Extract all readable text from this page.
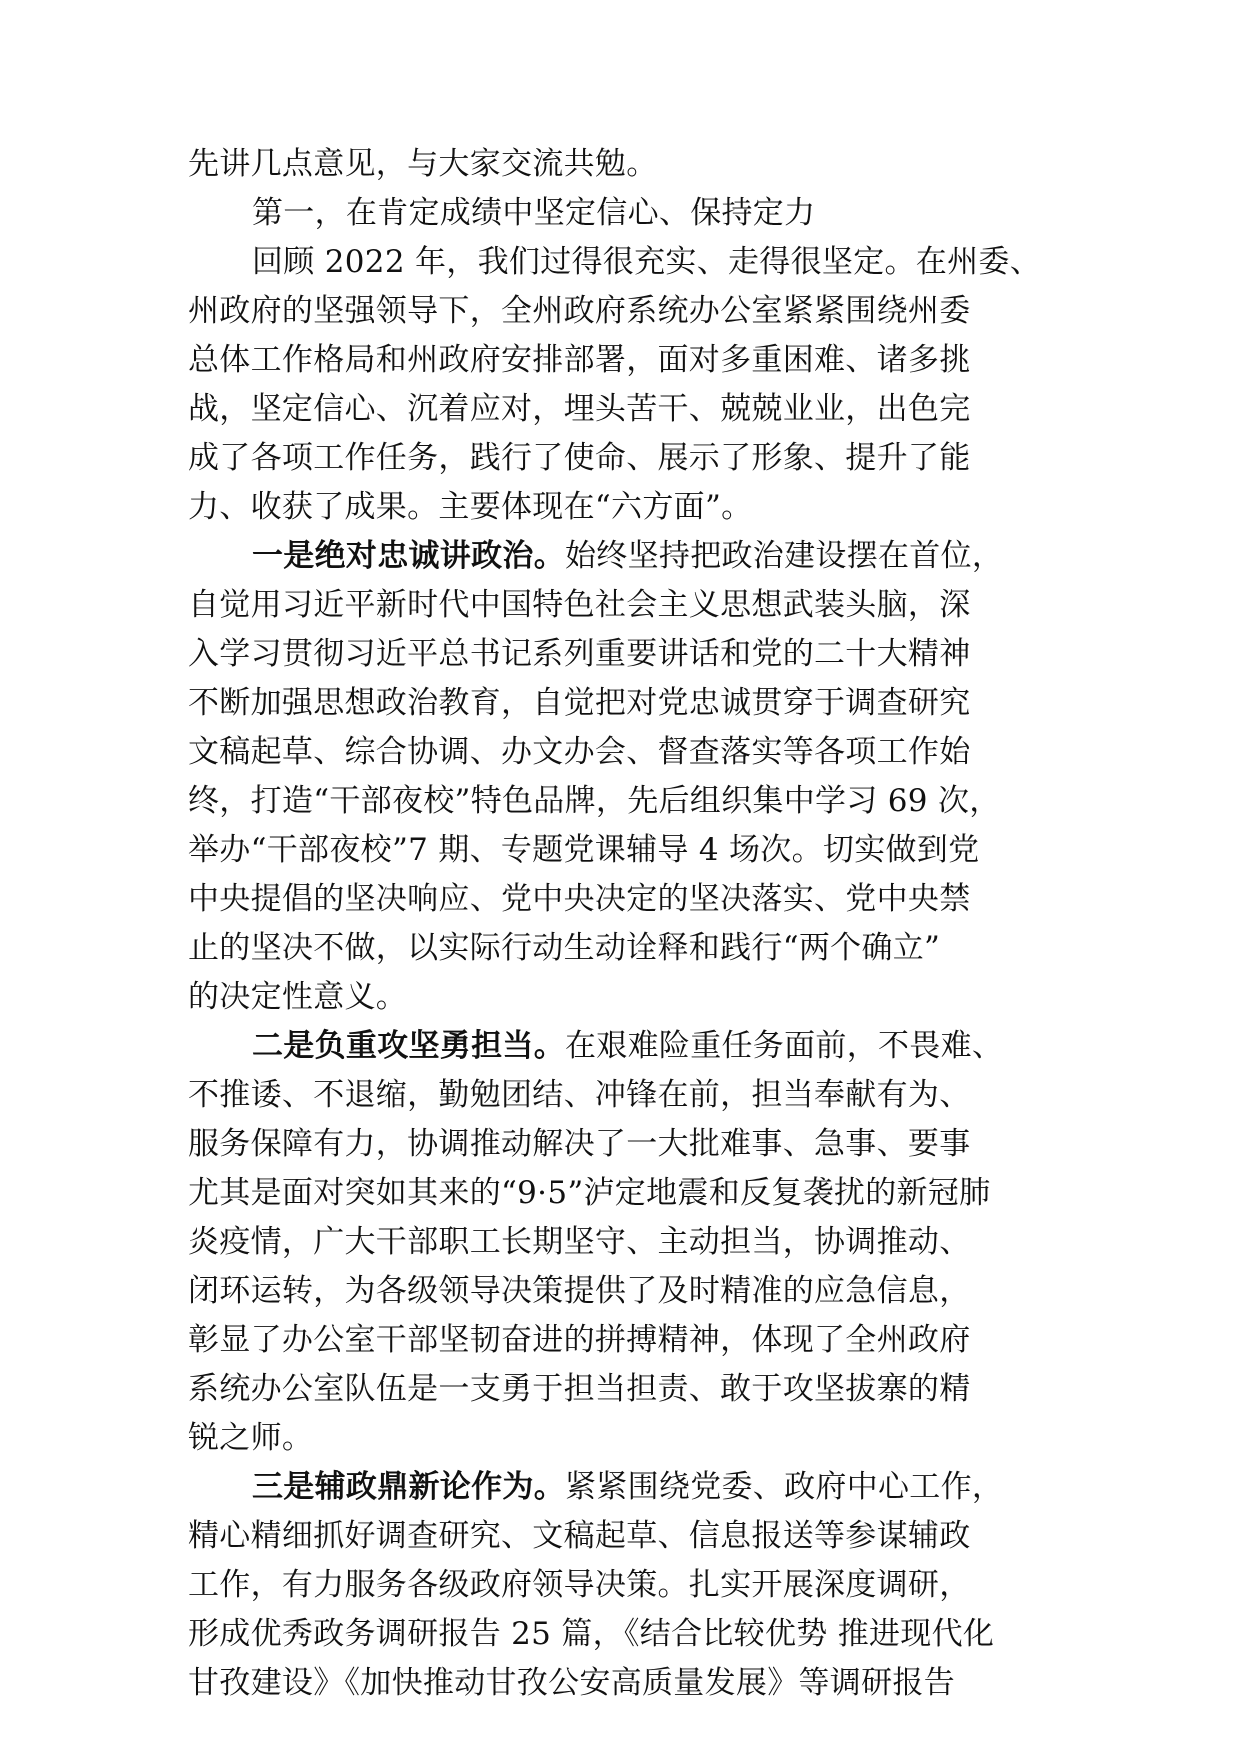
先讲几点意见，与大家交流共勉。
第一，在肯定成绩中坚定信心、保持定力
回顾 2022 年，我们过得很充实、走得很坚定。在州委、
州政府的坚强领导下，全州政府系统办公室紧紧围绕州委
总体工作格局和州政府安排部署，面对多重困难、诸多挑
战，坚定信心、沉着应对，埋头苦干、兢兢业业，出色完
成了各项工作任务，践行了使命、展示了形象、提升了能
力、收获了成果。主要体现在“六方面”。
一是绝对忠诚讲政治。始终坚持把政治建设摆在首位，
自觉用习近平新时代中国特色社会主义思想武装头脑，深
入学习贯彻习近平总书记系列重要讲话和党的二十大精神
不断加强思想政治教育，自觉把对党忠诚贯穿于调查研究
文稿起草、综合协调、办文办会、督查落实等各项工作始
终，打造“干部夜校”特色品牌，先后组织集中学习 69 次，
举办“干部夜校”7 期、专题党课辅导 4 场次。切实做到党
中央提倡的坚决响应、党中央决定的坚决落实、党中央禁
止的坚决不做，以实际行动生动诠释和践行“两个确立”
的决定性意义。
二是负重攻坚勇担当。在艰难险重任务面前，不畏难、
不推诿、不退缩，勤勉团结、冲锋在前，担当奉献有为、
服务保障有力，协调推动解决了一大批难事、急事、要事
尤其是面对突如其来的“9·5”泸定地震和反复袭扰的新冠肺
炎疫情，广大干部职工长期坚守、主动担当，协调推动、
闭环运转，为各级领导决策提供了及时精准的应急信息，
彰显了办公室干部坚韧奋进的拼搏精神，体现了全州政府
系统办公室队伍是一支勇于担当担责、敢于攻坚拔寨的精
锐之师。
三是辅政鼎新论作为。紧紧围绕党委、政府中心工作，
精心精细抓好调查研究、文稿起草、信息报送等参谋辅政
工作，有力服务各级政府领导决策。扎实开展深度调研，
形成优秀政务调研报告 25 篇，《结合比较优势 推进现代化
甘孜建设》《加快推动甘孜公安高质量发展》等调研报告
